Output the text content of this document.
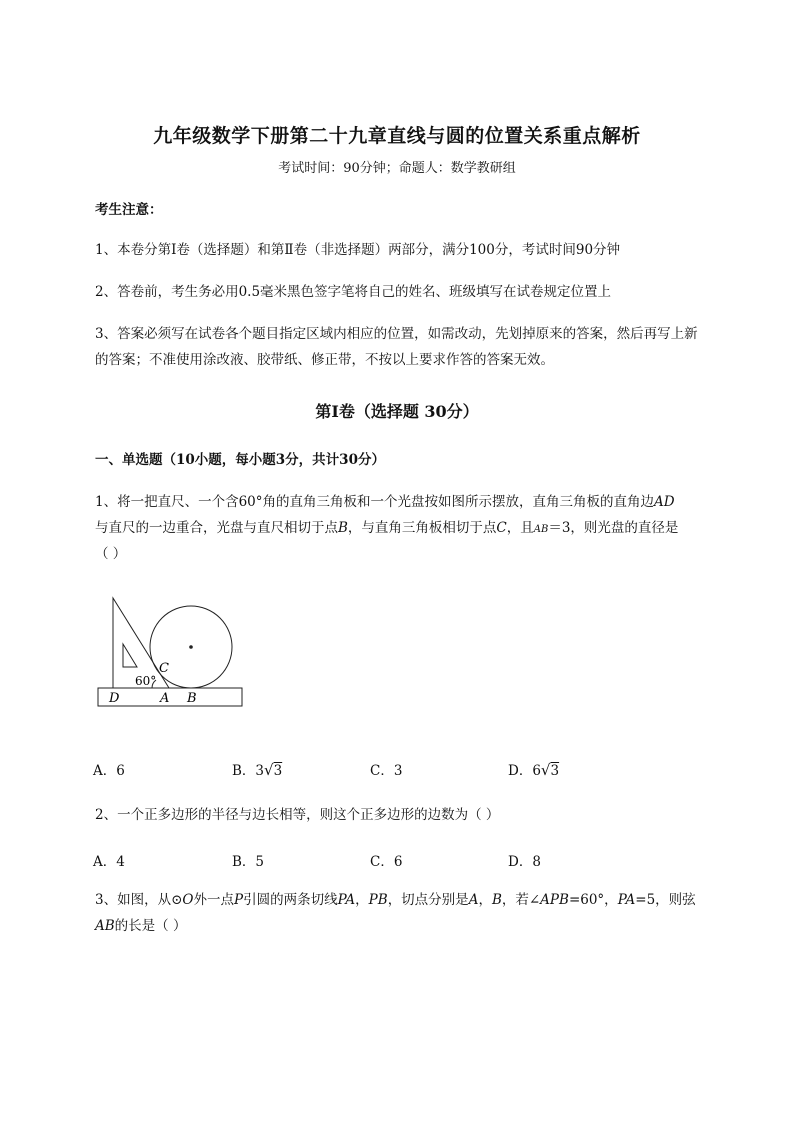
九年级数学下册第二十九章直线与圆的位置关系重点解析
考试时间：90分钟；命题人：数学教研组
考生注意：
1、本卷分第I卷（选择题）和第Ⅱ卷（非选择题）两部分，满分100分，考试时间90分钟
2、答卷前，考生务必用0.5毫米黑色签字笔将自己的姓名、班级填写在试卷规定位置上
3、答案必须写在试卷各个题目指定区域内相应的位置，如需改动，先划掉原来的答案，然后再写上新
的答案；不准使用涂改液、胶带纸、修正带，不按以上要求作答的答案无效。
第I卷（选择题 30分）
一、单选题（10小题，每小题3分，共计30分）
1、将一把直尺、一个含60°角的直角三角板和一个光盘按如图所示摆放，直角三角板的直角边AD
与直尺的一边重合，光盘与直尺相切于点B，与直角三角板相切于点C，且AB＝3，则光盘的直径是
（ ）
C
60°
D	A B
A．6	B．3√3	C．3	D．6√3
2、一个正多边形的半径与边长相等，则这个正多边形的边数为（ ）
A．4	B．5	C．6	D．8
3、如图，从⊙O外一点P引圆的两条切线PA，PB，切点分别是A，B，若∠APB=60°，PA=5，则弦
AB的长是（ ）
